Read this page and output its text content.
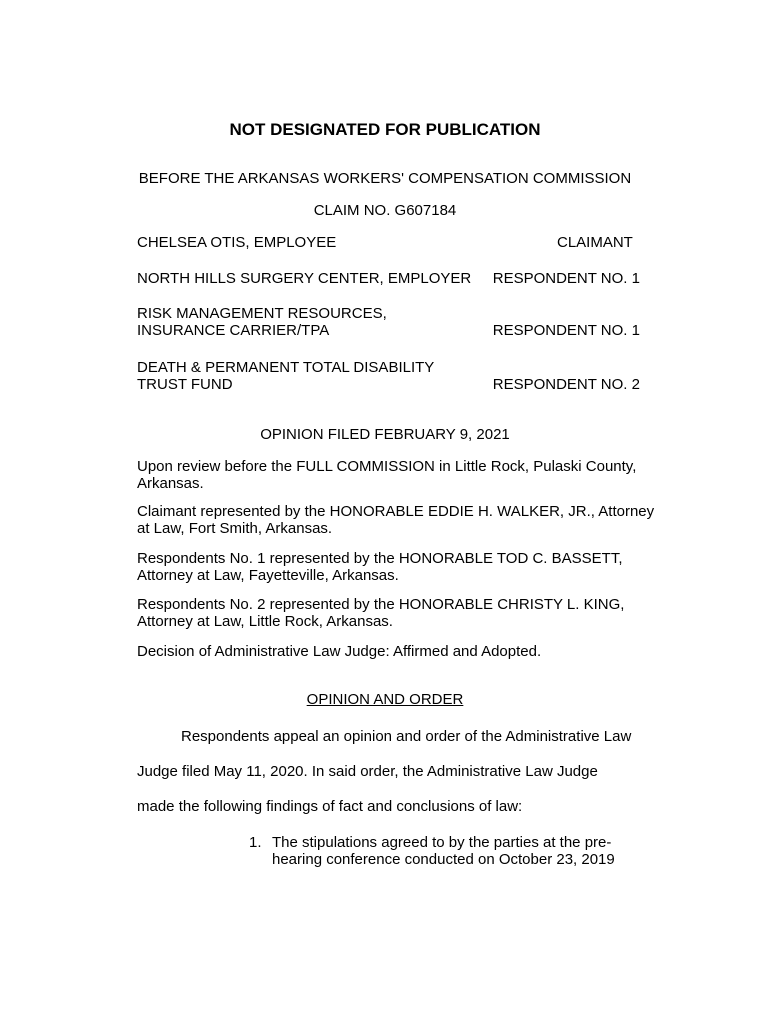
NOT DESIGNATED FOR PUBLICATION
BEFORE THE ARKANSAS WORKERS' COMPENSATION COMMISSION
CLAIM NO. G607184
CHELSEA OTIS, EMPLOYEE	CLAIMANT
NORTH HILLS SURGERY CENTER, EMPLOYER RESPONDENT NO. 1
RISK MANAGEMENT RESOURCES,
INSURANCE CARRIER/TPA	RESPONDENT NO. 1
DEATH & PERMANENT TOTAL DISABILITY
TRUST FUND	RESPONDENT NO. 2
OPINION FILED FEBRUARY 9, 2021
Upon review before the FULL COMMISSION in Little Rock, Pulaski County, Arkansas.
Claimant represented by the HONORABLE EDDIE H. WALKER, JR., Attorney at Law, Fort Smith, Arkansas.
Respondents No. 1 represented by the HONORABLE TOD C. BASSETT, Attorney at Law, Fayetteville, Arkansas.
Respondents No. 2 represented by the HONORABLE CHRISTY L. KING, Attorney at Law, Little Rock, Arkansas.
Decision of Administrative Law Judge: Affirmed and Adopted.
OPINION AND ORDER
Respondents appeal an opinion and order of the Administrative Law
Judge filed May 11, 2020. In said order, the Administrative Law Judge
made the following findings of fact and conclusions of law:
1. The stipulations agreed to by the parties at the pre-hearing conference conducted on October 23, 2019
